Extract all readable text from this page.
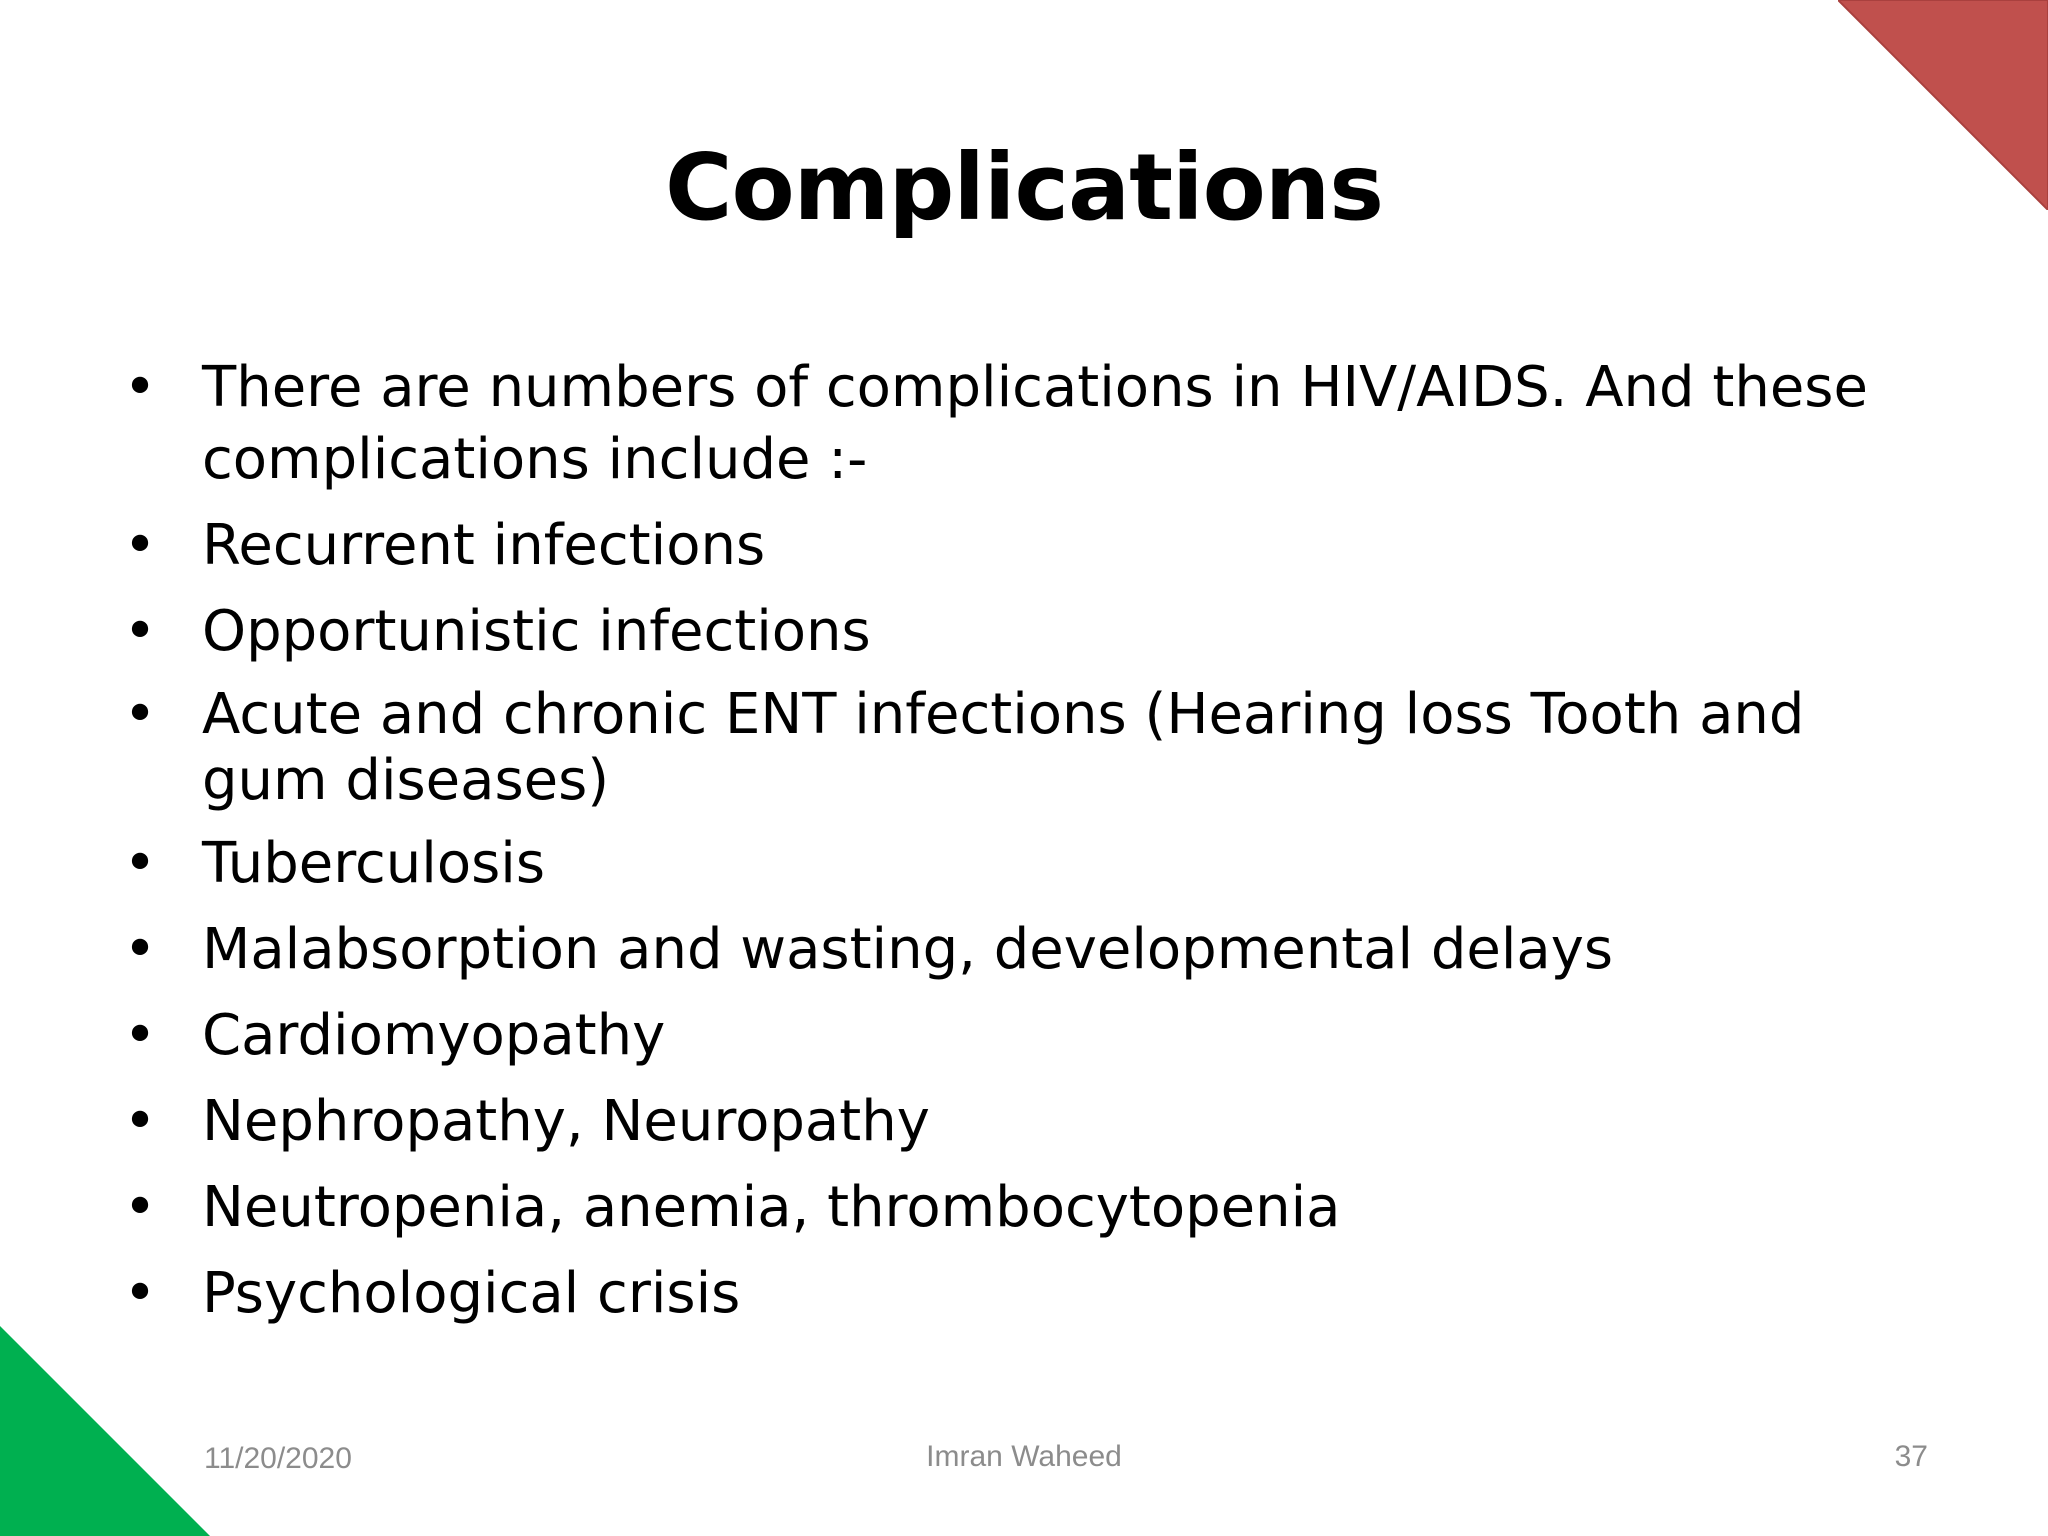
Complications
• There are numbers of complications in HIV/AIDS. And these complications include :-
• Recurrent infections
• Opportunistic infections
• Acute and chronic ENT infections (Hearing loss Tooth and gum diseases)
• Tuberculosis
• Malabsorption and wasting, developmental delays
• Cardiomyopathy
• Nephropathy, Neuropathy
• Neutropenia, anemia, thrombocytopenia
• Psychological crisis
11/20/2020	Imran Waheed	37
